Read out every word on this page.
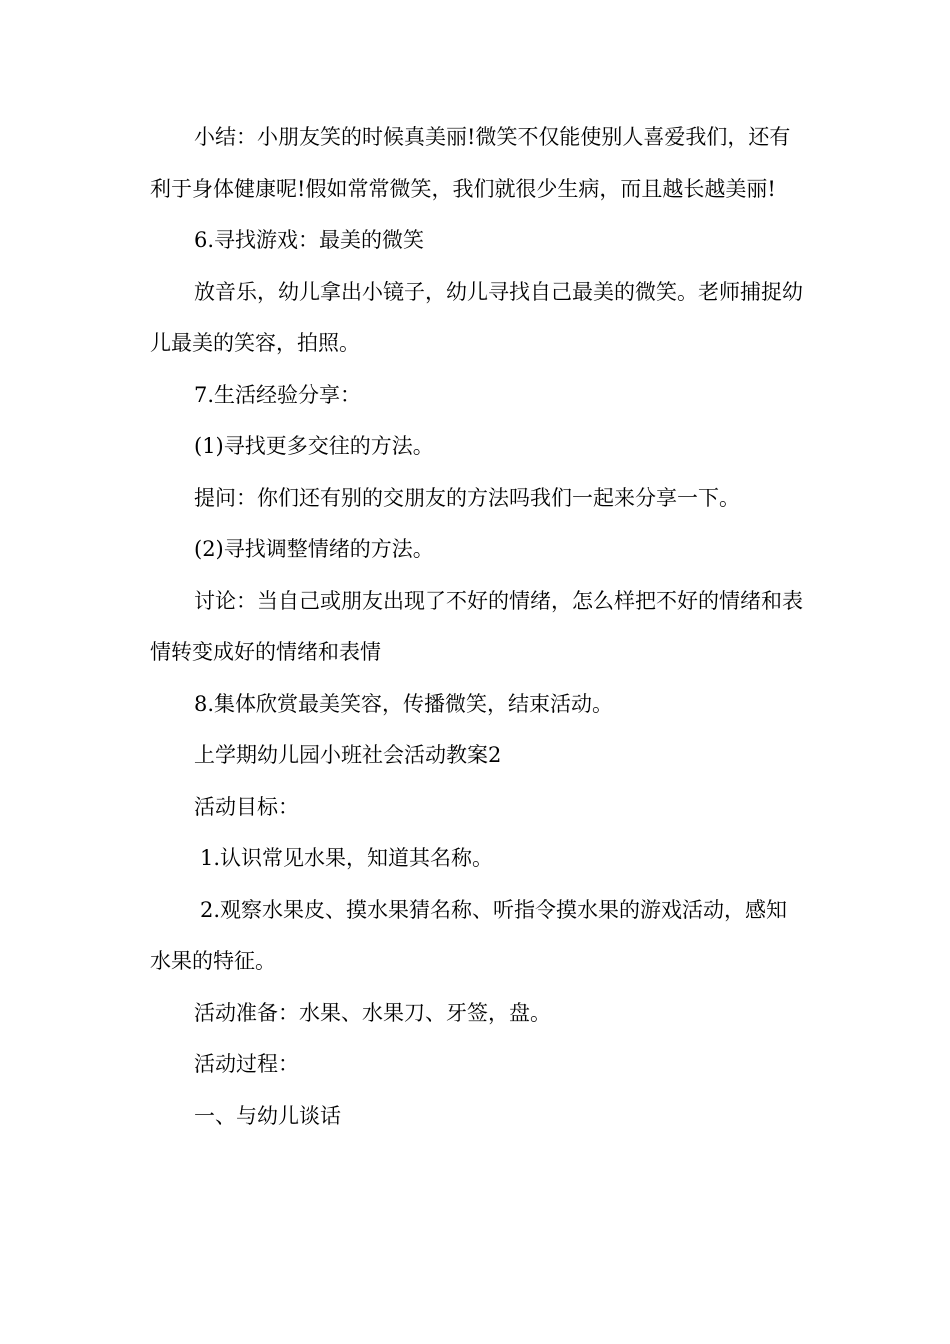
小结：小朋友笑的时候真美丽!微笑不仅能使别人喜爱我们，还有利于身体健康呢!假如常常微笑，我们就很少生病，而且越长越美丽!

6.寻找游戏：最美的微笑

放音乐，幼儿拿出小镜子，幼儿寻找自己最美的微笑。老师捕捉幼儿最美的笑容，拍照。

7.生活经验分享：

(1)寻找更多交往的方法。

提问：你们还有别的交朋友的方法吗我们一起来分享一下。

(2)寻找调整情绪的方法。

讨论：当自己或朋友出现了不好的情绪，怎么样把不好的情绪和表情转变成好的情绪和表情

8.集体欣赏最美笑容，传播微笑，结束活动。

上学期幼儿园小班社会活动教案2

活动目标：

1.认识常见水果，知道其名称。

2.观察水果皮、摸水果猜名称、听指令摸水果的游戏活动，感知水果的特征。

活动准备：水果、水果刀、牙签，盘。

活动过程：

一、与幼儿谈话
